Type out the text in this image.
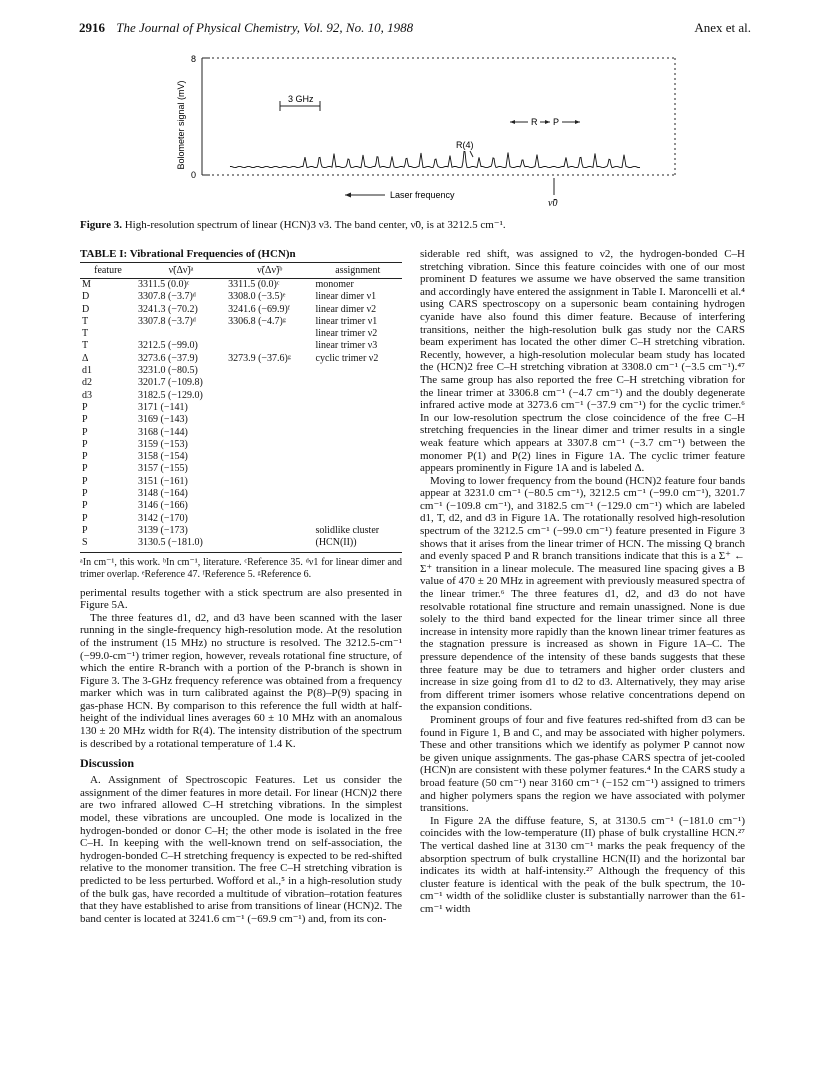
2916 The Journal of Physical Chemistry, Vol. 92, No. 10, 1988	Anex et al.
8
0
Bolometer signal (mV)	3 GHz
R P
R(4)
Laser frequency
ν̃0
Figure 3. High-resolution spectrum of linear (HCN)3 ν3. The band center, ν̃0, is at 3212.5 cm⁻¹.
TABLE I: Vibrational Frequencies of (HCN)n
feature	ν̃(Δν̃)ᵃ	ν̃(Δν̃)ᵇ	assignment
M	3311.5 (0.0)ᶜ	3311.5 (0.0)ᶜ	monomer
D	3307.8 (−3.7)ᵈ	3308.0 (−3.5)ᵉ	linear dimer ν1
D	3241.3 (−70.2)	3241.6 (−69.9)ᶠ	linear dimer ν2
T	3307.8 (−3.7)ᵈ	3306.8 (−4.7)ᵍ	linear trimer ν1
T			linear trimer ν2
T	3212.5 (−99.0)		linear trimer ν3
Δ	3273.6 (−37.9)	3273.9 (−37.6)ᵍ	cyclic trimer ν2
d1	3231.0 (−80.5)		
d2	3201.7 (−109.8)		
d3	3182.5 (−129.0)		
P	3171 (−141)		
P	3169 (−143)		
P	3168 (−144)		
P	3159 (−153)		
P	3158 (−154)		
P	3157 (−155)		
P	3151 (−161)		
P	3148 (−164)		
P	3146 (−166)		
P	3142 (−170)		
P	3139 (−173)		solidlike cluster
S	3130.5 (−181.0)		(HCN(II))
ᵃIn cm⁻¹, this work. ᵇIn cm⁻¹, literature. ᶜReference 35. ᵈν1 for linear dimer and trimer overlap. ᵉReference 47. ᶠReference 5. ᵍReference 6.

perimental results together with a stick spectrum are also presented in Figure 5A.

The three features d1, d2, and d3 have been scanned with the laser running in the single-frequency high-resolution mode. At the resolution of the instrument (15 MHz) no structure is resolved. The 3212.5-cm⁻¹ (−99.0-cm⁻¹) trimer region, however, reveals rotational fine structure, of which the entire R-branch with a portion of the P-branch is shown in Figure 3. The 3-GHz frequency reference was obtained from a frequency marker which was in turn calibrated against the P(8)–P(9) spacing in gas-phase HCN. By comparison to this reference the full width at half-height of the individual lines averages 60 ± 10 MHz with an anomalous 130 ± 20 MHz width for R(4). The intensity distribution of the spectrum is described by a rotational temperature of 1.4 K.

Discussion

A. Assignment of Spectroscopic Features. Let us consider the assignment of the dimer features in more detail. For linear (HCN)2 there are two infrared allowed C–H stretching vibrations. In the simplest model, these vibrations are uncoupled. One mode is localized in the hydrogen-bonded or donor C–H; the other mode is isolated in the free C–H. In keeping with the well-known trend on self-association, the hydrogen-bonded C–H stretching frequency is expected to be red-shifted relative to the monomer transition. The free C–H stretching vibration is predicted to be less perturbed. Wofford et al.,⁵ in a high-resolution study of the bulk gas, have recorded a multitude of vibration–rotation features that they have established to arise from transitions of linear (HCN)2. The band center is located at 3241.6 cm⁻¹ (−69.9 cm⁻¹) and, from its con-

siderable red shift, was assigned to ν2, the hydrogen-bonded C–H stretching vibration. Since this feature coincides with one of our most prominent D features we assume we have observed the same transition and accordingly have entered the assignment in Table I. Maroncelli et al.⁴ using CARS spectroscopy on a supersonic beam containing hydrogen cyanide have also found this dimer feature. Because of interfering transitions, neither the high-resolution bulk gas study nor the CARS beam experiment has located the other dimer C–H stretching vibration. Recently, however, a high-resolution molecular beam study has located the (HCN)2 free C–H stretching vibration at 3308.0 cm⁻¹ (−3.5 cm⁻¹).⁴⁷ The same group has also reported the free C–H stretching vibration for the linear trimer at 3306.8 cm⁻¹ (−4.7 cm⁻¹) and the doubly degenerate infrared active mode at 3273.6 cm⁻¹ (−37.9 cm⁻¹) for the cyclic trimer.⁶ In our low-resolution spectrum the close coincidence of the free C–H stretching frequencies in the linear dimer and trimer results in a single weak feature which appears at 3307.8 cm⁻¹ (−3.7 cm⁻¹) between the monomer P(1) and P(2) lines in Figure 1A. The cyclic trimer feature appears prominently in Figure 1A and is labeled Δ.

Moving to lower frequency from the bound (HCN)2 feature four bands appear at 3231.0 cm⁻¹ (−80.5 cm⁻¹), 3212.5 cm⁻¹ (−99.0 cm⁻¹), 3201.7 cm⁻¹ (−109.8 cm⁻¹), and 3182.5 cm⁻¹ (−129.0 cm⁻¹) which are labeled d1, T, d2, and d3 in Figure 1A. The rotationally resolved high-resolution spectrum of the 3212.5 cm⁻¹ (−99.0 cm⁻¹) feature presented in Figure 3 shows that it arises from the linear trimer of HCN. The missing Q branch and evenly spaced P and R branch transitions indicate that this is a Σ⁺ ← Σ⁺ transition in a linear molecule. The measured line spacing gives a B value of 470 ± 20 MHz in agreement with previously measured spectra of the linear trimer.⁶ The three features d1, d2, and d3 do not have resolvable rotational fine structure and remain unassigned. None is due solely to the third band expected for the linear trimer since all three increase in intensity more rapidly than the known linear trimer features as the stagnation pressure is increased as shown in Figure 1A–C. The pressure dependence of the intensity of these bands suggests that these three feature may be due to tetramers and higher order clusters and increase in size going from d1 to d2 to d3. Alternatively, they may arise from different trimer isomers whose relative concentrations depend on the expansion conditions.

Prominent groups of four and five features red-shifted from d3 can be found in Figure 1, B and C, and may be associated with higher polymers. These and other transitions which we identify as polymer P cannot now be given unique assignments. The gas-phase CARS spectra of jet-cooled (HCN)n are consistent with these polymer features.⁴ In the CARS study a broad feature (50 cm⁻¹) near 3160 cm⁻¹ (−152 cm⁻¹) assigned to trimers and higher polymers spans the region we have associated with polymer transitions.

In Figure 2A the diffuse feature, S, at 3130.5 cm⁻¹ (−181.0 cm⁻¹) coincides with the low-temperature (II) phase of bulk crystalline HCN.²⁷ The vertical dashed line at 3130 cm⁻¹ marks the peak frequency of the absorption spectrum of bulk crystalline HCN(II) and the horizontal bar indicates its width at half-intensity.²⁷ Although the frequency of this cluster feature is identical with the peak of the bulk spectrum, the 10-cm⁻¹ width of the solidlike cluster is substantially narrower than the 61-cm⁻¹ width
